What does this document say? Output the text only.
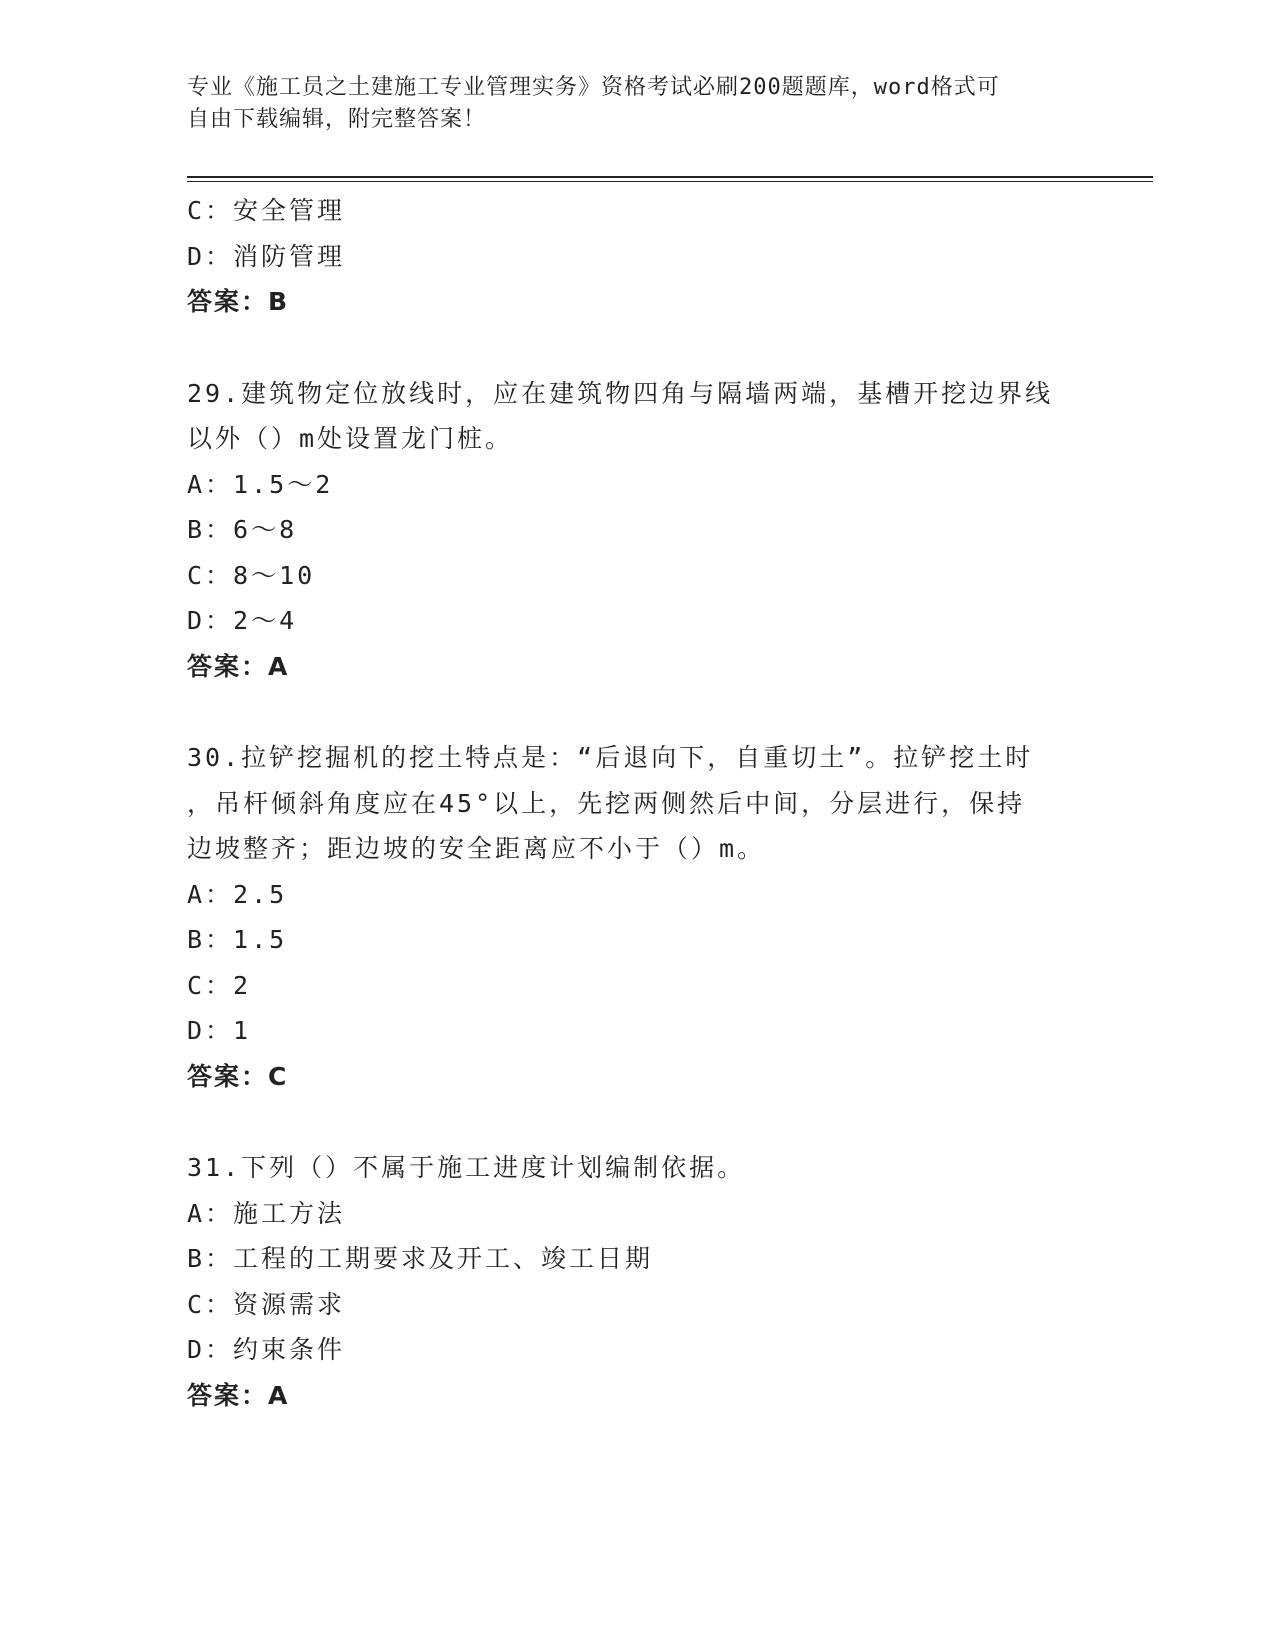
专业《施工员之土建施工专业管理实务》资格考试必刷200题题库，word格式可
自由下载编辑，附完整答案！
C：安全管理
D：消防管理
答案：B
29.建筑物定位放线时，应在建筑物四角与隔墙两端，基槽开挖边界线
以外（）m处设置龙门桩。
A：1.5～2
B：6～8
C：8～10
D：2～4
答案：A
30.拉铲挖掘机的挖土特点是：“后退向下，自重切土”。拉铲挖土时
，吊杆倾斜角度应在45°以上，先挖两侧然后中间，分层进行，保持
边坡整齐；距边坡的安全距离应不小于（）m。
A：2.5
B：1.5
C：2
D：1
答案：C
31.下列（）不属于施工进度计划编制依据。
A：施工方法
B：工程的工期要求及开工、竣工日期
C：资源需求
D：约束条件
答案：A
